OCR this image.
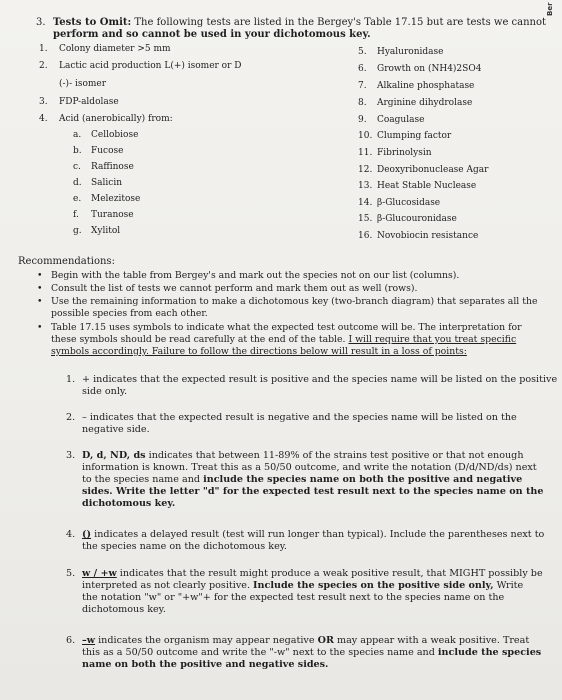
Ber
3. Tests to Omit: The following tests are listed in the Bergey's Table 17.15 but are tests we cannot
perform and so cannot be used in your dichotomous key.
1. Colony diameter >5 mm
2. Lactic acid production L(+) isomer or D
(-)- isomer
3. FDP-aldolase
4. Acid (anerobically) from:
a. Cellobiose
b. Fucose
c. Raffinose
d. Salicin
e. Melezitose
f. Turanose
g. Xylitol
5. Hyaluronidase
6. Growth on (NH4)2SO4
7. Alkaline phosphatase
8. Arginine dihydrolase
9. Coagulase
10. Clumping factor
11. Fibrinolysin
12. Deoxyribonuclease Agar
13. Heat Stable Nuclease
14. β-Glucosidase
15. β-Glucouronidase
16. Novobiocin resistance
Recommendations:
• Begin with the table from Bergey's and mark out the species not on our list (columns).
• Consult the list of tests we cannot perform and mark them out as well (rows).
• Use the remaining information to make a dichotomous key (two-branch diagram) that separates all the
possible species from each other.
• Table 17.15 uses symbols to indicate what the expected test outcome will be. The interpretation for
these symbols should be read carefully at the end of the table. I will require that you treat specific
symbols accordingly. Failure to follow the directions below will result in a loss of points:
1. + indicates that the expected result is positive and the species name will be listed on the positive
side only.
2. – indicates that the expected result is negative and the species name will be listed on the
negative side.
3. D, d, ND, ds indicates that between 11-89% of the strains test positive or that not enough
information is known. Treat this as a 50/50 outcome, and write the notation (D/d/ND/ds) next
to the species name and include the species name on both the positive and negative
sides. Write the letter "d" for the expected test result next to the species name on the
dichotomous key.
4. () indicates a delayed result (test will run longer than typical). Include the parentheses next to
the species name on the dichotomous key.
5. w / +w indicates that the result might produce a weak positive result, that MIGHT possibly be
interpreted as not clearly positive. Include the species on the positive side only, Write
the notation "w" or "+w"+ for the expected test result next to the species name on the
dichotomous key.
6. –w indicates the organism may appear negative OR may appear with a weak positive. Treat
this as a 50/50 outcome and write the "-w" next to the species name and include the species
name on both the positive and negative sides.
